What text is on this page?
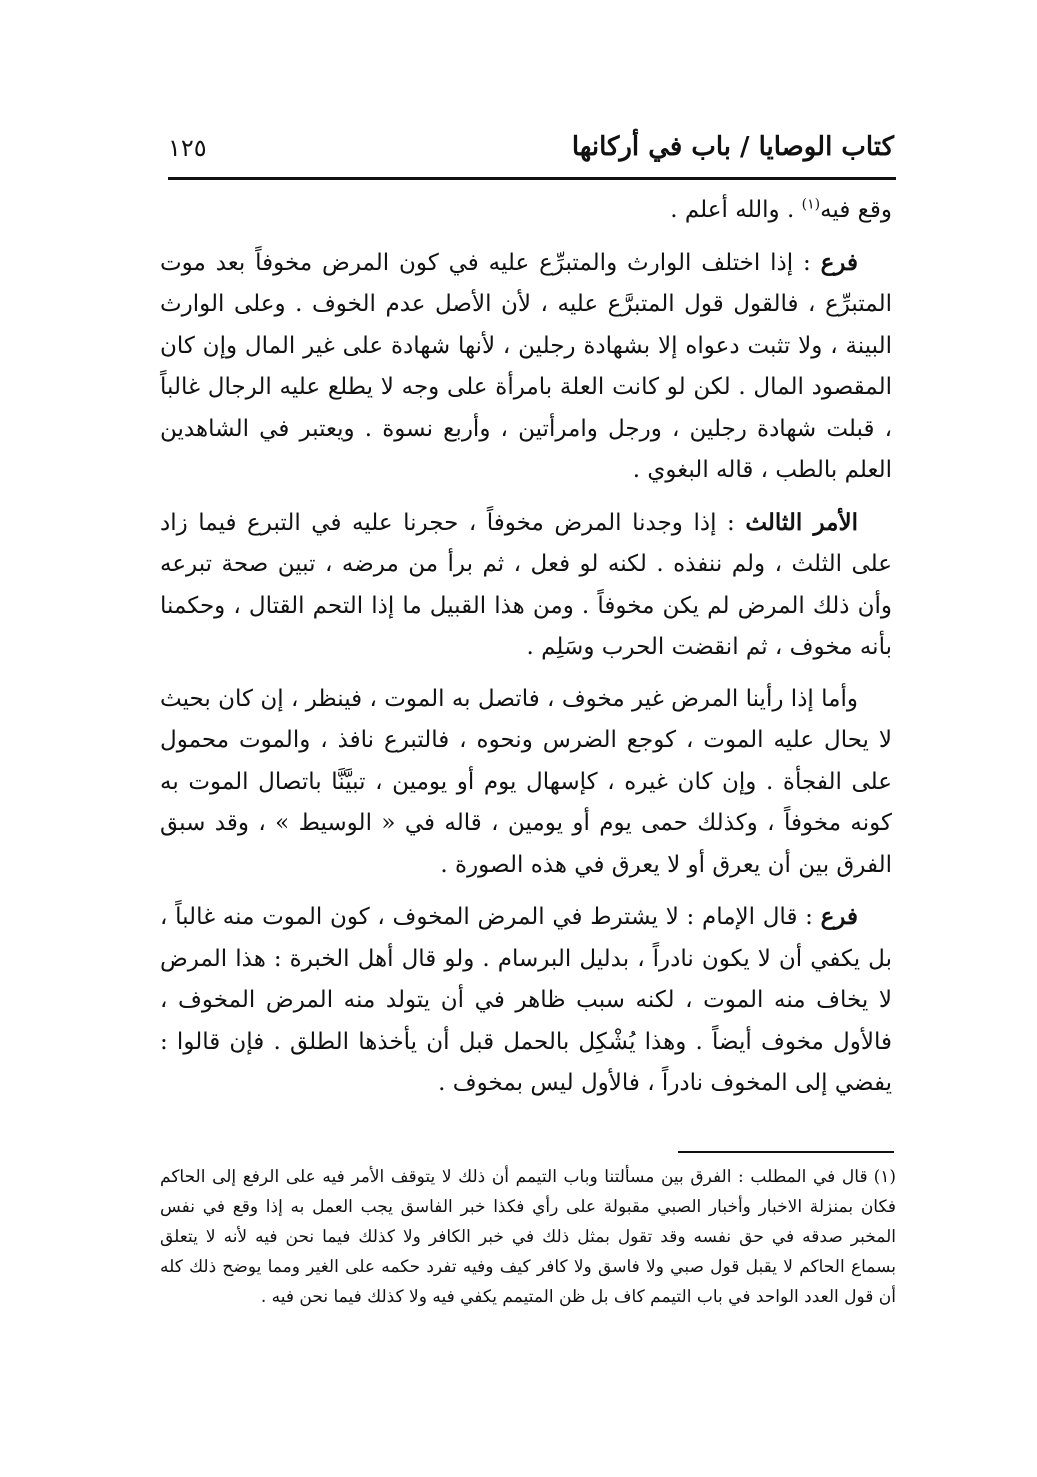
كتاب الوصايا / باب في أركانها
١٢٥

وقع فيه$^{(١)}$ . والله أعلم .

فرع : إذا اختلف الوارث والمتبرِّع عليه في كون المرض مخوفاً بعد موت المتبرِّع ، فالقول قول المتبرَّع عليه ، لأن الأصل عدم الخوف . وعلى الوارث البينة ، ولا تثبت دعواه إلا بشهادة رجلين ، لأنها شهادة على غير المال وإن كان المقصود المال . لكن لو كانت العلة بامرأة على وجه لا يطلع عليه الرجال غالباً ، قبلت شهادة رجلين ، ورجل وامرأتين ، وأربع نسوة . ويعتبر في الشاهدين العلم بالطب ، قاله البغوي .

الأمر الثالث : إذا وجدنا المرض مخوفاً ، حجرنا عليه في التبرع فيما زاد على الثلث ، ولم ننفذه . لكنه لو فعل ، ثم برأ من مرضه ، تبين صحة تبرعه وأن ذلك المرض لم يكن مخوفاً . ومن هذا القبيل ما إذا التحم القتال ، وحكمنا بأنه مخوف ، ثم انقضت الحرب وسَلِم .

وأما إذا رأينا المرض غير مخوف ، فاتصل به الموت ، فينظر ، إن كان بحيث لا يحال عليه الموت ، كوجع الضرس ونحوه ، فالتبرع نافذ ، والموت محمول على الفجأة . وإن كان غيره ، كإسهال يوم أو يومين ، تبيَّنَّا باتصال الموت به كونه مخوفاً ، وكذلك حمى يوم أو يومين ، قاله في « الوسيط » ، وقد سبق الفرق بين أن يعرق أو لا يعرق في هذه الصورة .

فرع : قال الإمام : لا يشترط في المرض المخوف ، كون الموت منه غالباً ، بل يكفي أن لا يكون نادراً ، بدليل البرسام . ولو قال أهل الخبرة : هذا المرض لا يخاف منه الموت ، لكنه سبب ظاهر في أن يتولد منه المرض المخوف ، فالأول مخوف أيضاً . وهذا يُشْكِل بالحمل قبل أن يأخذها الطلق . فإن قالوا : يفضي إلى المخوف نادراً ، فالأول ليس بمخوف .

(١)قال في المطلب : الفرق بين مسألتنا وباب التيمم أن ذلك لا يتوقف الأمر فيه على الرفع إلى الحاكم فكان بمنزلة الاخبار وأخبار الصبي مقبولة على رأي فكذا خبر الفاسق يجب العمل به إذا وقع في نفس المخبر صدقه في حق نفسه وقد تقول بمثل ذلك في خبر الكافر ولا كذلك فيما نحن فيه لأنه لا يتعلق بسماع الحاكم لا يقبل قول صبي ولا فاسق ولا كافر كيف وفيه تفرد حكمه على الغير ومما يوضح ذلك كله أن قول العدد الواحد في باب التيمم كاف بل ظن المتيمم يكفي فيه ولا كذلك فيما نحن فيه .
